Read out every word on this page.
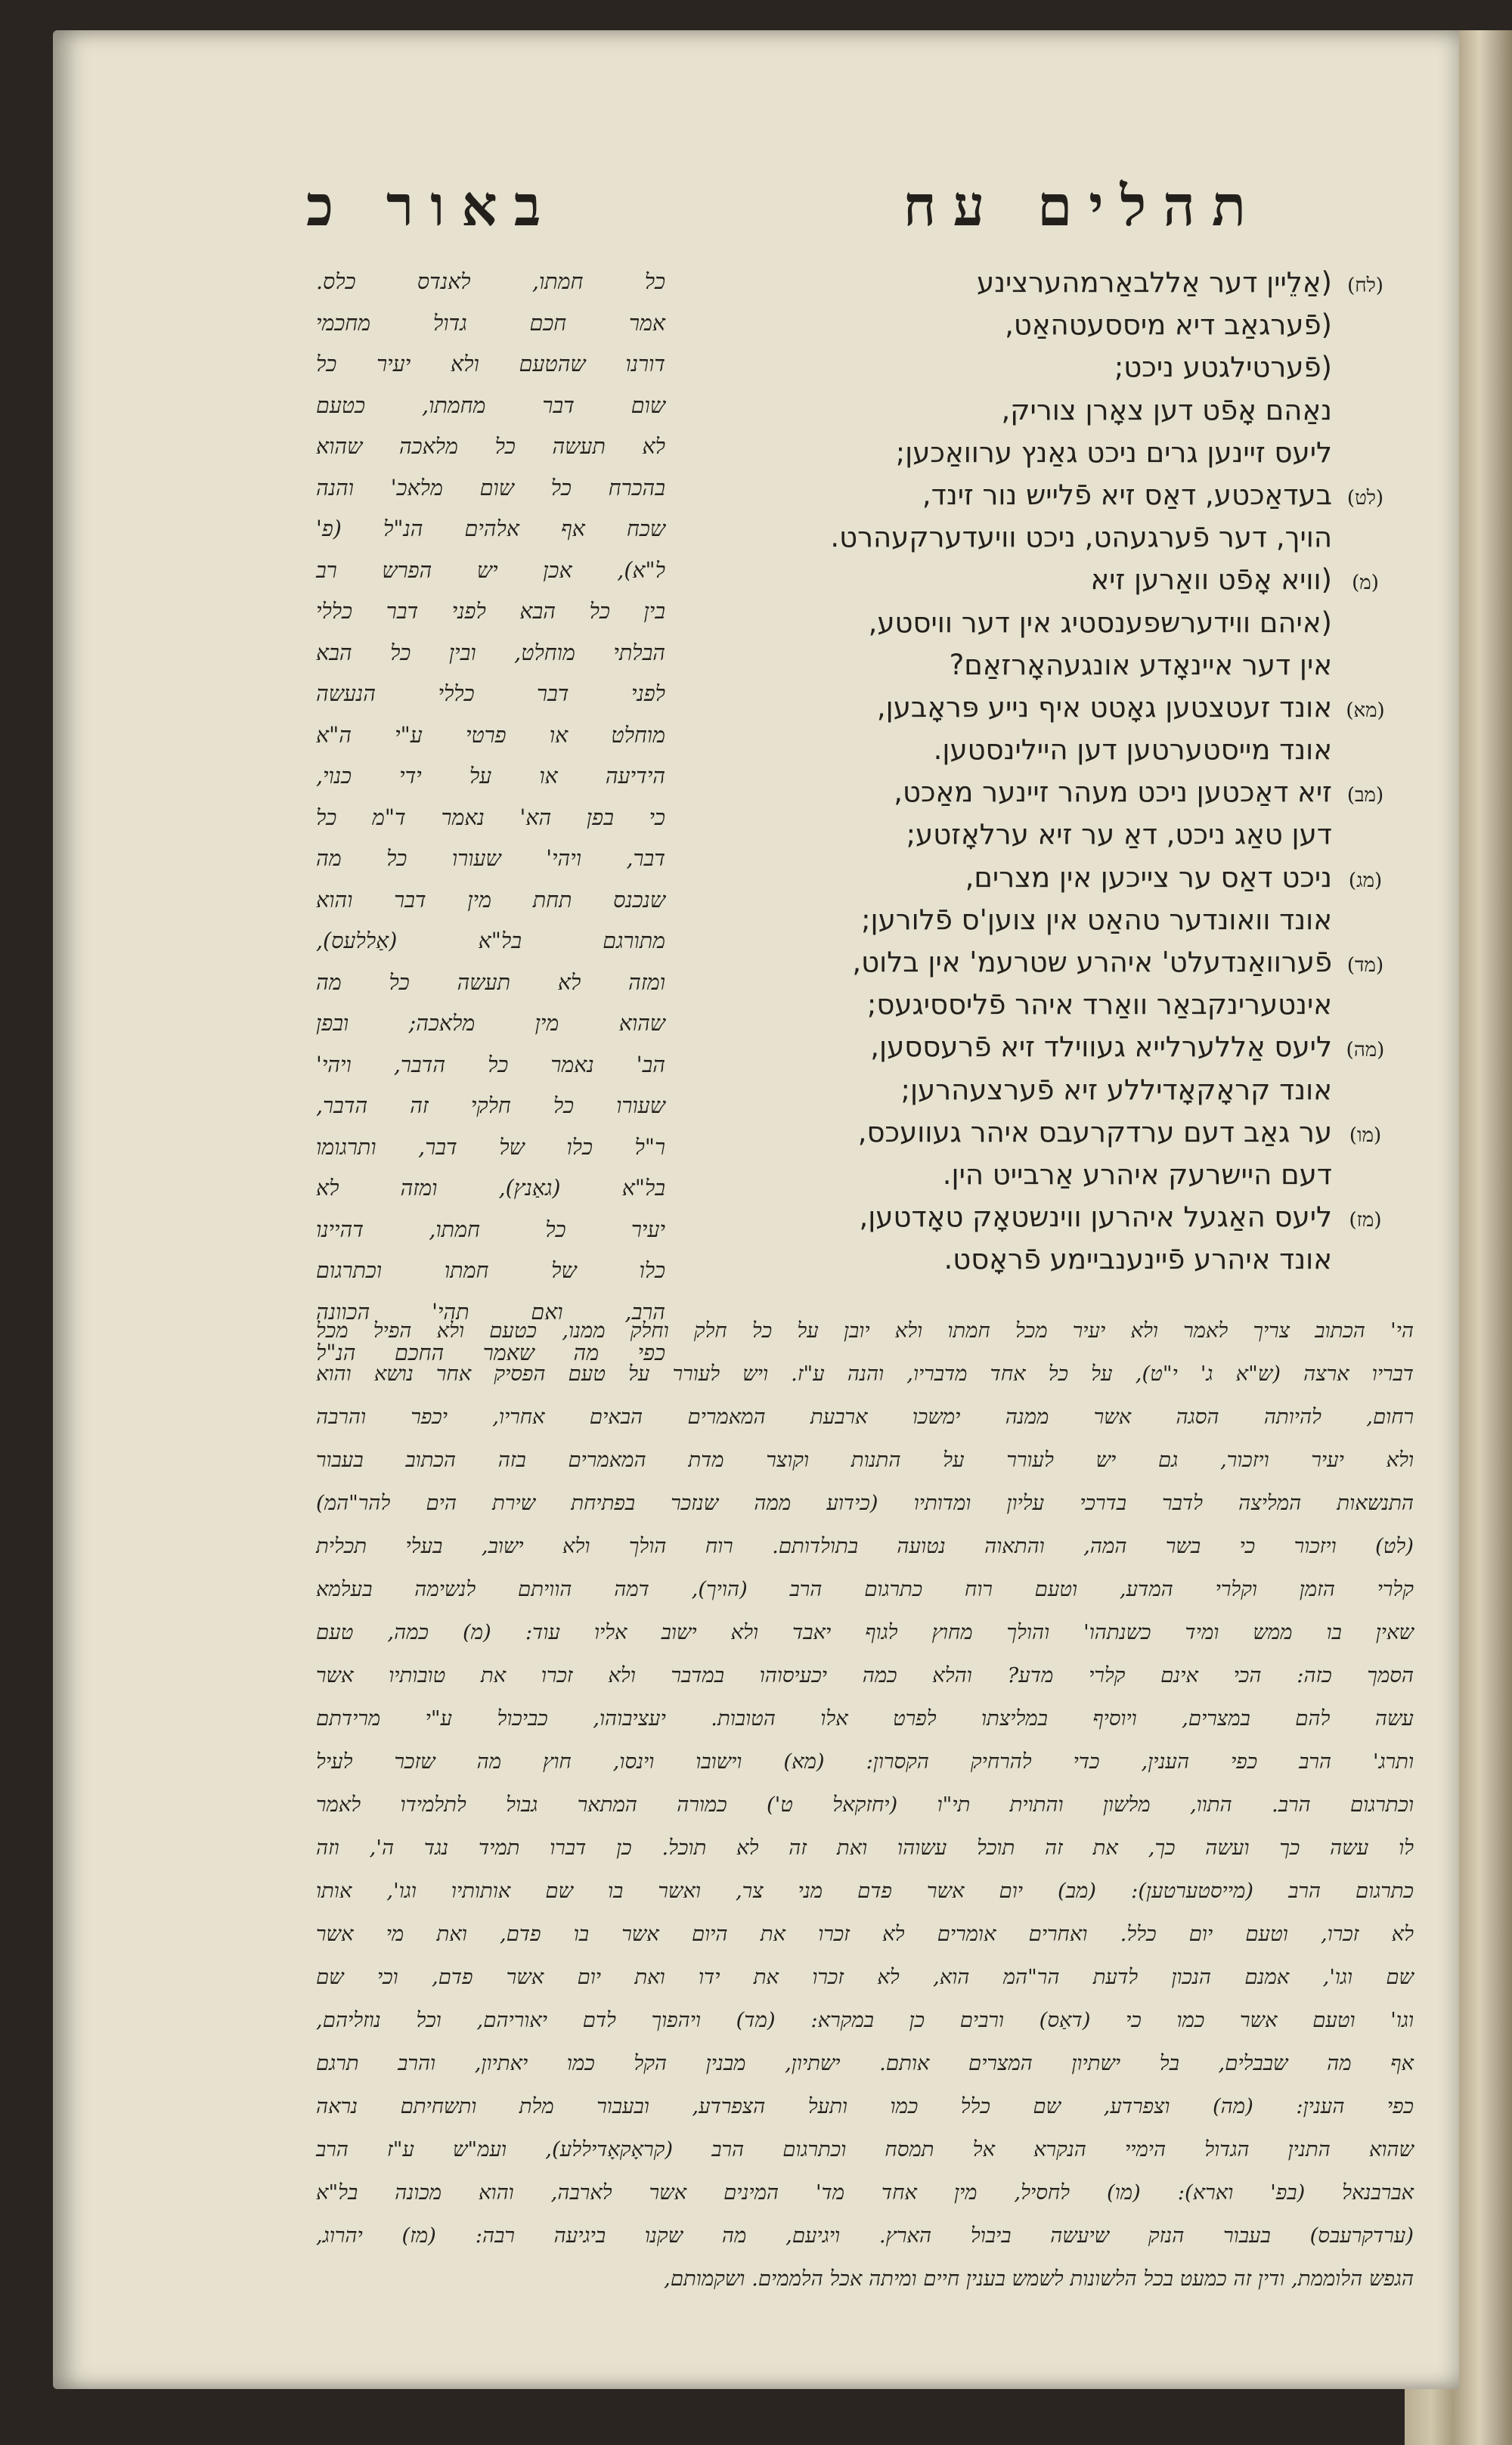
תהלים עח
באור כ
(לח)(אַלֵיין דער אַללבאַרמהערצינע
(פֿערגאַב דיא מיססעטהאַט,
(פֿערטילגטע ניכט;
נאַהם אָפֿט דען צאָרן צוריק,
ליעס זיינען גרים ניכט גאַנץ ערוואַכען;
(לט)בעדאַכטע, דאַס זיא פֿלייש נור זינד,
הויך, דער פֿערגעהט, ניכט וויעדערקעהרט.
(מ)(וויא אָפֿט וואַרען זיא
(איהם ווידערשפענסטיג אין דער וויסטע,
אין דער איינאָדע אונגעהאָרזאַם?
(מא)אונד זעטצטען גאָטט איף נייע פּראָבען,
אונד מייסטערטען דען היילינסטען.
(מב)זיא דאַכטען ניכט מעהר זיינער מאַכט,
דען טאַג ניכט, דאַ ער זיא ערלאָזטע;
(מג)ניכט דאַס ער צייכען אין מצרים,
אונד וואונדער טהאַט אין צוען'ס פֿלורען;
(מד)פֿערוואַנדעלט' איהרע שטרעמ' אין בלוט,
אינטערינקבאַר וואַרד איהר פֿליססיגעס;
(מה)ליעס אַללערלייא געווילד זיא פֿרעססען,
אונד קראָקאָדיללע זיא פֿערצעהרען;
(מו)ער גאַב דעם ערדקרעבס איהר געוועכס,
דעם היישרעק איהרע אַרבייט הין.
(מז)ליעס האַגעל איהרען ווינשטאָק טאָדטען,
אונד איהרע פֿיינענביימע פֿראָסט.
כל חמתו, לאנדס כלס.
אמר חכם גדול מחכמי
דורנו שהטעם ולא יעיר כל
שום דבר מחמתו, כטעם
לא תעשה כל מלאכה שהוא
בהכרח כל שום מלאכ' והנה
שכח אף אלהים הנ"ל (פ'
ל"א), אכן יש הפרש רב
בין כל הבא לפני דבר כללי
הבלתי מוחלט, ובין כל הבא
לפני דבר כללי הנעשה
מוחלט או פרטי ע"י ה"א
הידיעה או על ידי כנוי,
כי בפן הא' נאמר ד"מ כל
דבר, ויהי' שעורו כל מה
שנכנס תחת מין דבר והוא
מתורגם בל"א (אַללעס),
ומזה לא תעשה כל מה
שהוא מין מלאכה; ובפן
הב' נאמר כל הדבר, ויהי'
שעורו כל חלקי זה הדבר,
ר"ל כלו של דבר, ותרגומו
בל"א (גאַנץ), ומזה לא
יעיר כל חמתו, דהיינו
כלו של חמתו וכתרגום
הרב, ואם תהי' הכוונה
כפי מה שאמר החכם הנ"ל
הי' הכתוב צריך לאמר ולא יעיר מכל חמתו ולא יובן על כל חלק וחלק ממנו, כטעם ולא הפיל מכל
דבריו ארצה (ש"א ג' י"ט), על כל אחד מדבריו, והנה ע"ז. ויש לעורר על טעם הפסיק אחר נושא והוא
רחום, להיותה הסגה אשר ממנה ימשכו ארבעת המאמרים הבאים אחריו, יכפר והרבה
ולא יעיר ויזכור, גם יש לעורר על התנות וקוצר מדת המאמרים בזה הכתוב בעבור
התנשאות המליצה לדבר בדרכי עליון ומדותיו (כידוע ממה שנזכר בפתיחת שירת הים להר"המ)
(לט) ויזכור כי בשר המה, והתאוה נטועה בתולדותם. רוח הולך ולא ישוב, בעלי תכלית
קלרי הזמן וקלרי המדע, וטעם רוח כתרגום הרב (הויך), דמה הוויתם לנשימה בעלמא
שאין בו ממש ומיד כשנתהו' והולך מחוץ לגוף יאבד ולא ישוב אליו עוד: (מ) כמה, טעם
הסמך כזה: הכי אינם קלרי מדע? והלא כמה יכעיסוהו במדבר ולא זכרו את טובותיו אשר
עשה להם במצרים, ויוסיף במליצתו לפרט אלו הטובות. יעציבוהו, כביכול ע"י מרידתם
ותרג' הרב כפי הענין, כדי להרחיק הקסרון: (מא) וישובו וינסו, חוץ מה שזכר לעיל
וכתרגום הרב. התוו, מלשון והתוית תי"ו (יחזקאל ט') כמורה המתאר גבול לתלמידו לאמר
לו עשה כך ועשה כך, את זה תוכל עשוהו ואת זה לא תוכל. כן דברו תמיד נגד ה', וזה
כתרגום הרב (מייסטערטען): (מב) יום אשר פדם מני צר, ואשר בו שם אותותיו וגו', אותו
לא זכרו, וטעם יום כלל. ואחרים אומרים לא זכרו את היום אשר בו פדם, ואת מי אשר
שם וגו', אמנם הנכון לדעת הר"המ הוא, לא זכרו את ידו ואת יום אשר פדם, וכי שם
וגו' וטעם אשר כמו כי (דאַס) ורבים כן במקרא: (מד) ויהפוך לדם יאוריהם, וכל נוזליהם,
אף מה שבבלים, בל ישתיון המצרים אותם. ישתיון, מבנין הקל כמו יאתיון, והרב תרגם
כפי הענין: (מה) וצפרדע, שם כלל כמו ותעל הצפרדע, ובעבור מלת ותשחיתם נראה
שהוא התנין הגדול הימיי הנקרא אל תמסח וכתרגום הרב (קראָקאָדיללע), ועמ"ש ע"ז הרב
אברבנאל (בפ' וארא): (מו) לחסיל, מין אחד מד' המינים אשר לארבה, והוא מכונה בל"א
(ערדקרעבס) בעבור הנזק שיעשה ביבול הארץ. ויגיעם, מה שקנו ביגיעה רבה: (מז) יהרוג,
הגפש הלוממת, ודין זה כמעט בכל הלשונות לשמש בענין חיים ומיתה אכל הלממים. ושקמותם,
